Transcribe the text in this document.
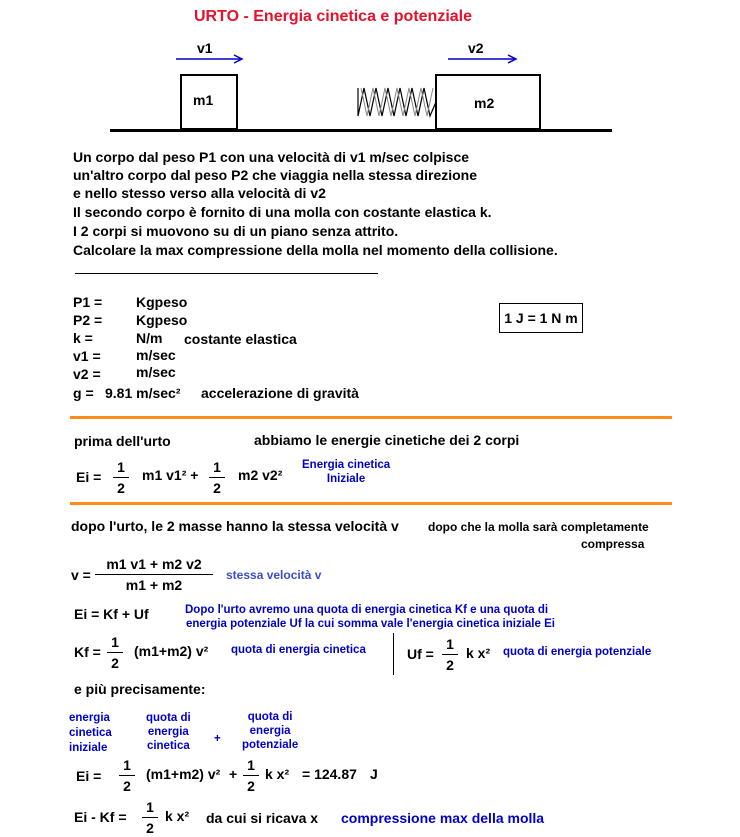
URTO - Energia cinetica e potenziale
v1
m1
v2
m2
Un corpo dal peso P1 con una velocità di v1 m/sec colpisce
un'altro corpo dal peso P2 che viaggia nella stessa direzione
e nello stesso verso alla velocità di v2
Il secondo corpo è fornito di una molla con costante elastica k.
I 2 corpi si muovono su di un piano senza attrito.
Calcolare la max compressione della molla nel momento della collisione.
P1 = Kgpeso
P2 = Kgpeso
k =	N/m costante elastica
v1 =	m/sec
v2 =	m/sec
g = 9.81 m/sec² accelerazione di gravità
1 J = 1 N m
prima dell'urto	abbiamo le energie cinetiche dei 2 corpi
Ei =
1
2
m1 v1² + 1
2
m2 v2²
Energia cinetica
Iniziale
dopo l'urto, le 2 masse hanno la stessa velocità v dopo che la molla sarà completamente
compressa
v =
m1 v1 + m2 v2
m1 + m2
stessa velocità v
Ei = Kf + Uf	Dopo l'urto avremo una quota di energia cinetica Kf e una quota di
energia potenziale Uf la cui somma vale l'energia cinetica iniziale Ei
Kf =
1
2
(m1+m2) v² quota di energia cinetica	Uf =
1
2
k x² quota di energia potenziale
e più precisamente:
energia
cinetica
iniziale
quota di
energia
cinetica
+
quota di
energia
potenziale
Ei =
1
2
(m1+m2) v² +
1
2
k x² = 124.87 J
Ei - Kf =
1
2
k x² da cui si ricava x compressione max della molla
